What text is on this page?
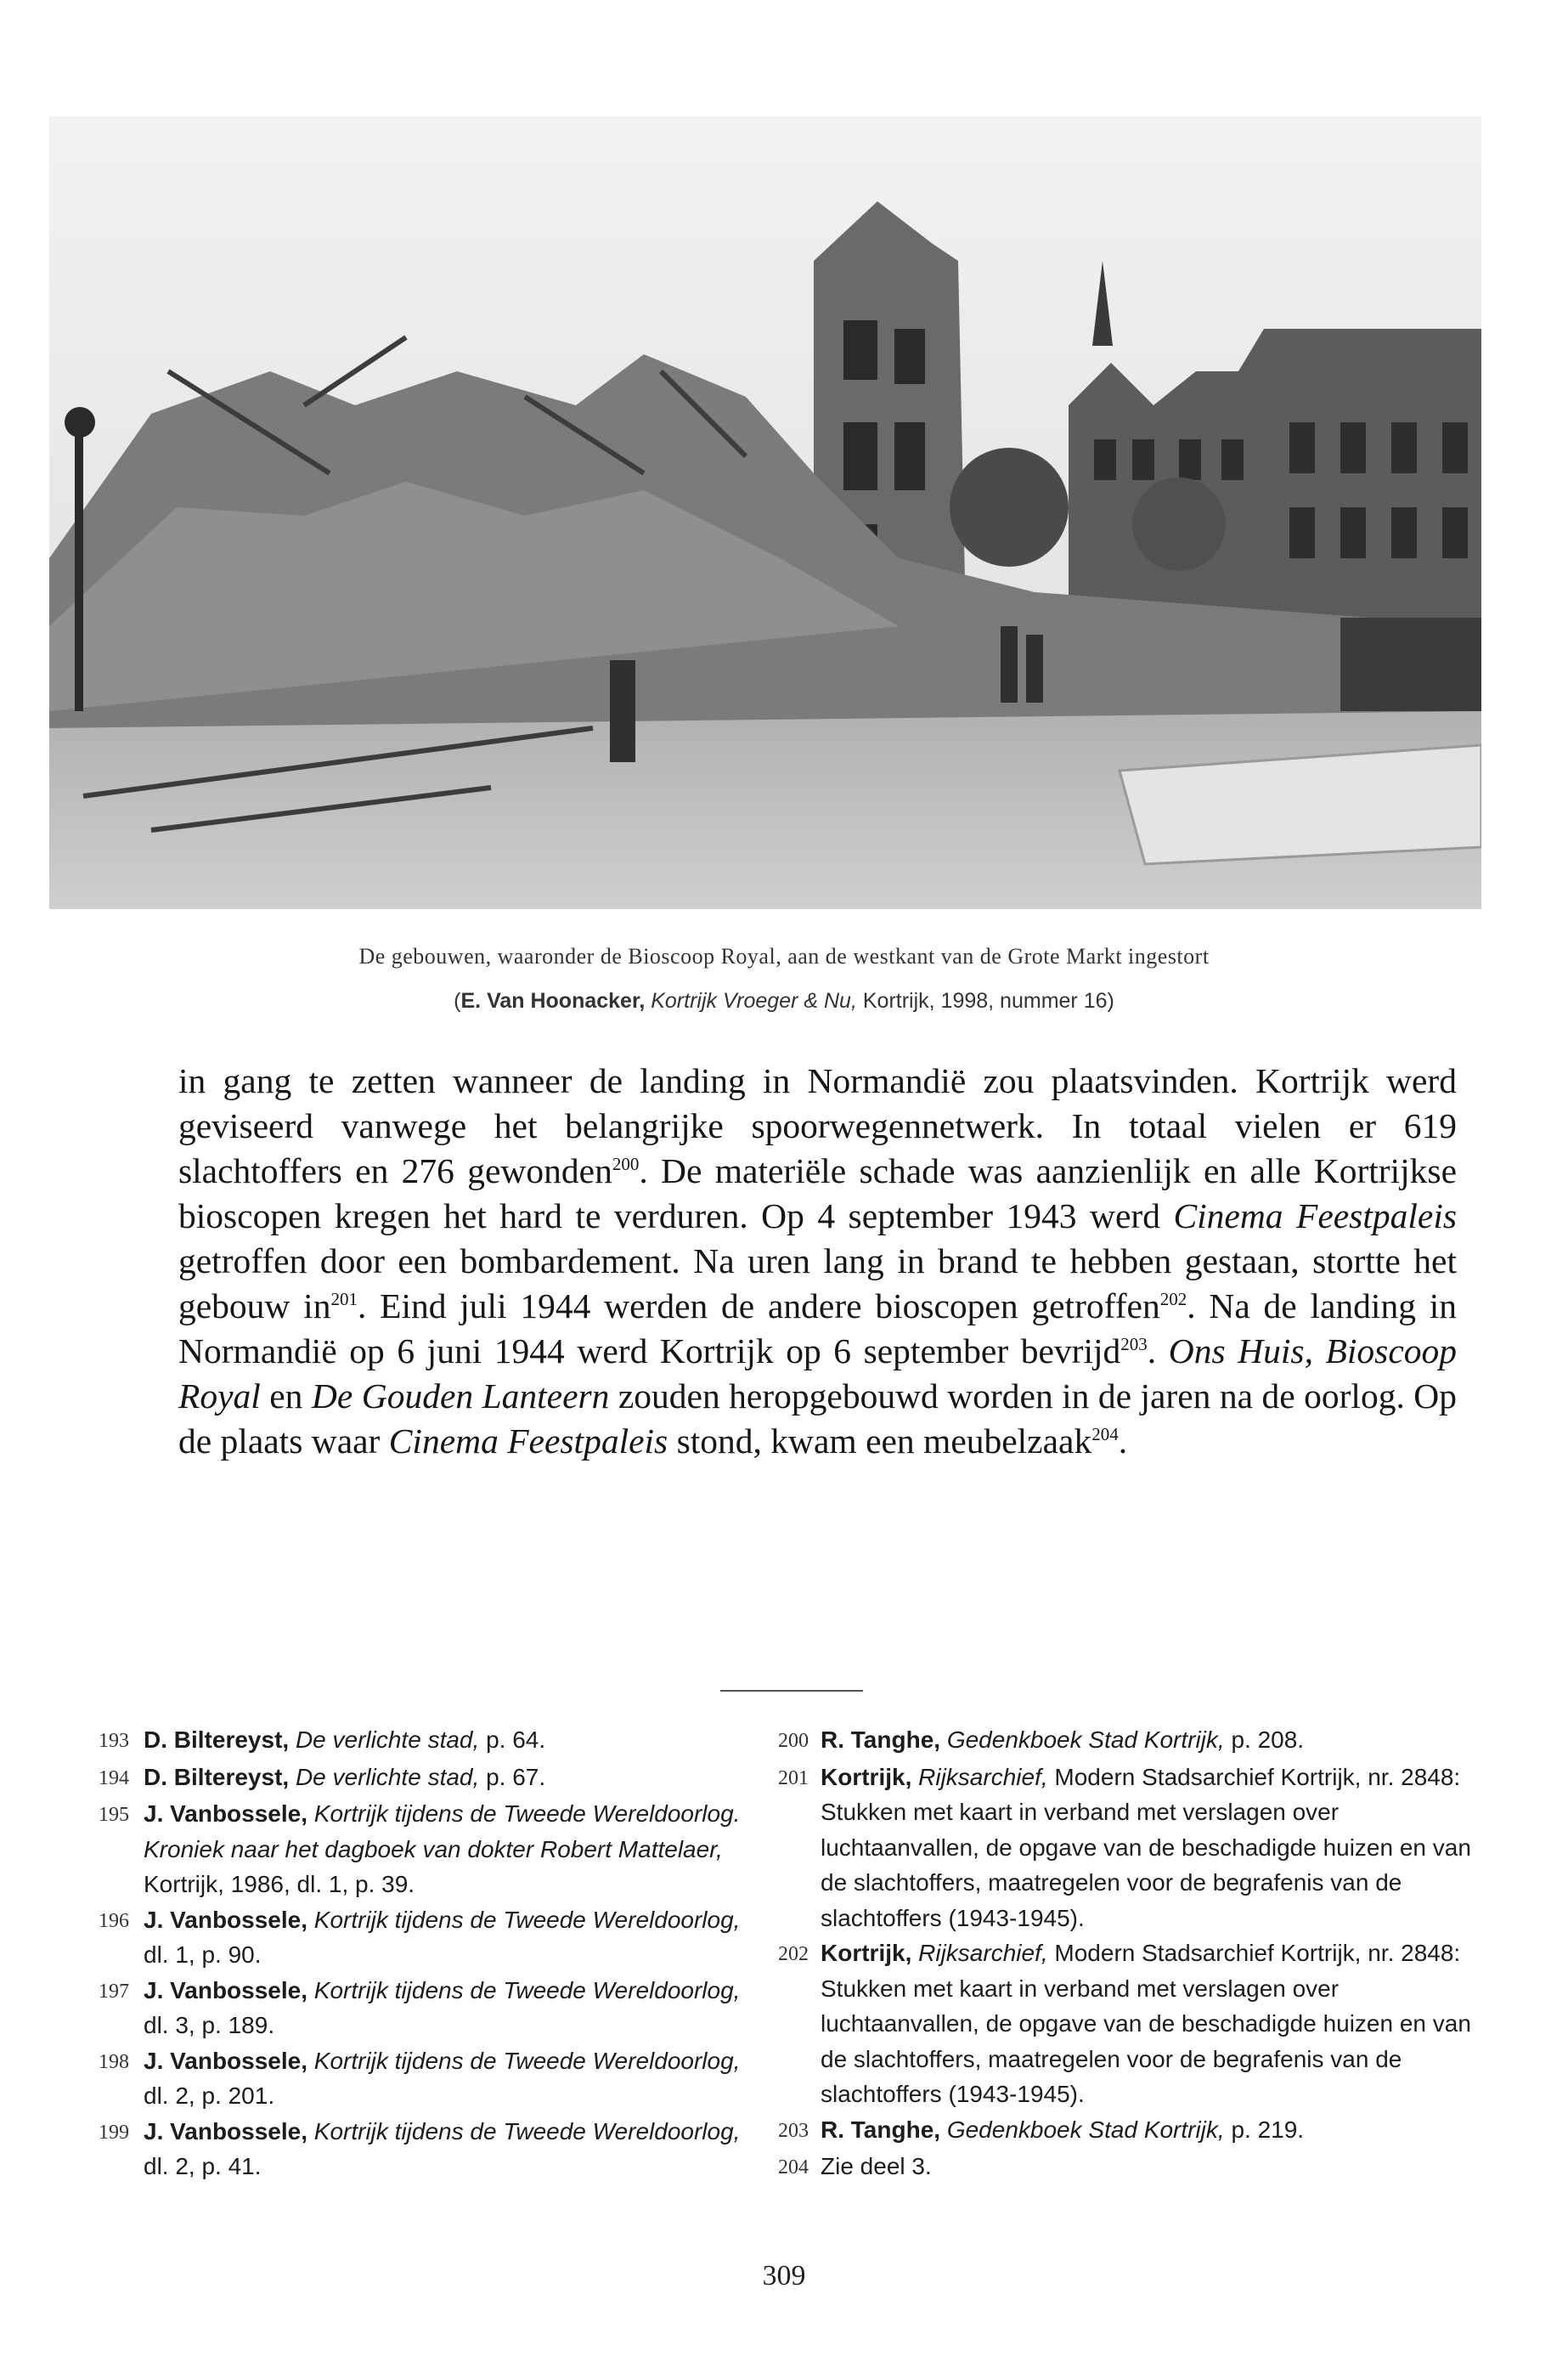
De gebouwen, waaronder de Bioscoop Royal, aan de westkant van de Grote Markt ingestort
(E. Van Hoonacker, Kortrijk Vroeger & Nu, Kortrijk, 1998, nummer 16)

in gang te zetten wanneer de landing in Normandië zou plaatsvinden. Kortrijk werd geviseerd vanwege het belangrijke spoorwegennetwerk. In totaal vielen er 619 slachtoffers en 276 gewonden$^{200}$. De materiële schade was aanzienlijk en alle Kortrijkse bioscopen kregen het hard te verduren. Op 4 september 1943 werd Cinema Feestpaleis getroffen door een bombardement. Na uren lang in brand te hebben gestaan, stortte het gebouw $in^{201}$. Eind juli 1944 werden de andere bioscopen getroffen$^{202}$. Na de landing in Normandië op 6 juni 1944 werd Kortrijk op 6 september bevrijd$^{203}$. Ons Huis, Bioscoop Royal en De Gouden Lanteern zouden heropgebouwd worden in de jaren na de oorlog. Op de plaats waar Cinema Feestpaleis stond, kwam een meubelzaak$^{204}$.

193 D. Biltereyst, De verlichte stad, p. 64.
194 D. Biltereyst, De verlichte stad, p. 67.
195 J. Vanbossele, Kortrijk tijdens de Tweede Wereldoorlog. Kroniek naar het dagboek van dokter Robert Mattelaer, Kortrijk, 1986, dl. 1, p. 39.
196 J. Vanbossele, Kortrijk tijdens de Tweede Wereldoorlog, dl. 1, p. 90.
197 J. Vanbossele, Kortrijk tijdens de Tweede Wereldoorlog, dl. 3, p. 189.
198 J. Vanbossele, Kortrijk tijdens de Tweede Wereldoorlog, dl. 2, p. 201.
199 J. Vanbossele, Kortrijk tijdens de Tweede Wereldoorlog, dl. 2, p. 41.
200 R. Tanghe, Gedenkboek Stad Kortrijk, p. 208.
201 Kortrijk, Rijksarchief, Modern Stadsarchief Kortrijk, nr. 2848: Stukken met kaart in verband met verslagen over luchtaanvallen, de opgave van de beschadigde huizen en van de slachtoffers, maatregelen voor de begrafenis van de slachtoffers (1943-1945).
202 Kortrijk, Rijksarchief, Modern Stadsarchief Kortrijk, nr. 2848: Stukken met kaart in verband met verslagen over luchtaanvallen, de opgave van de beschadigde huizen en van de slachtoffers, maatregelen voor de begrafenis van de slachtoffers (1943-1945).
203 R. Tanghe, Gedenkboek Stad Kortrijk, p. 219.
204 Zie deel 3.
309
